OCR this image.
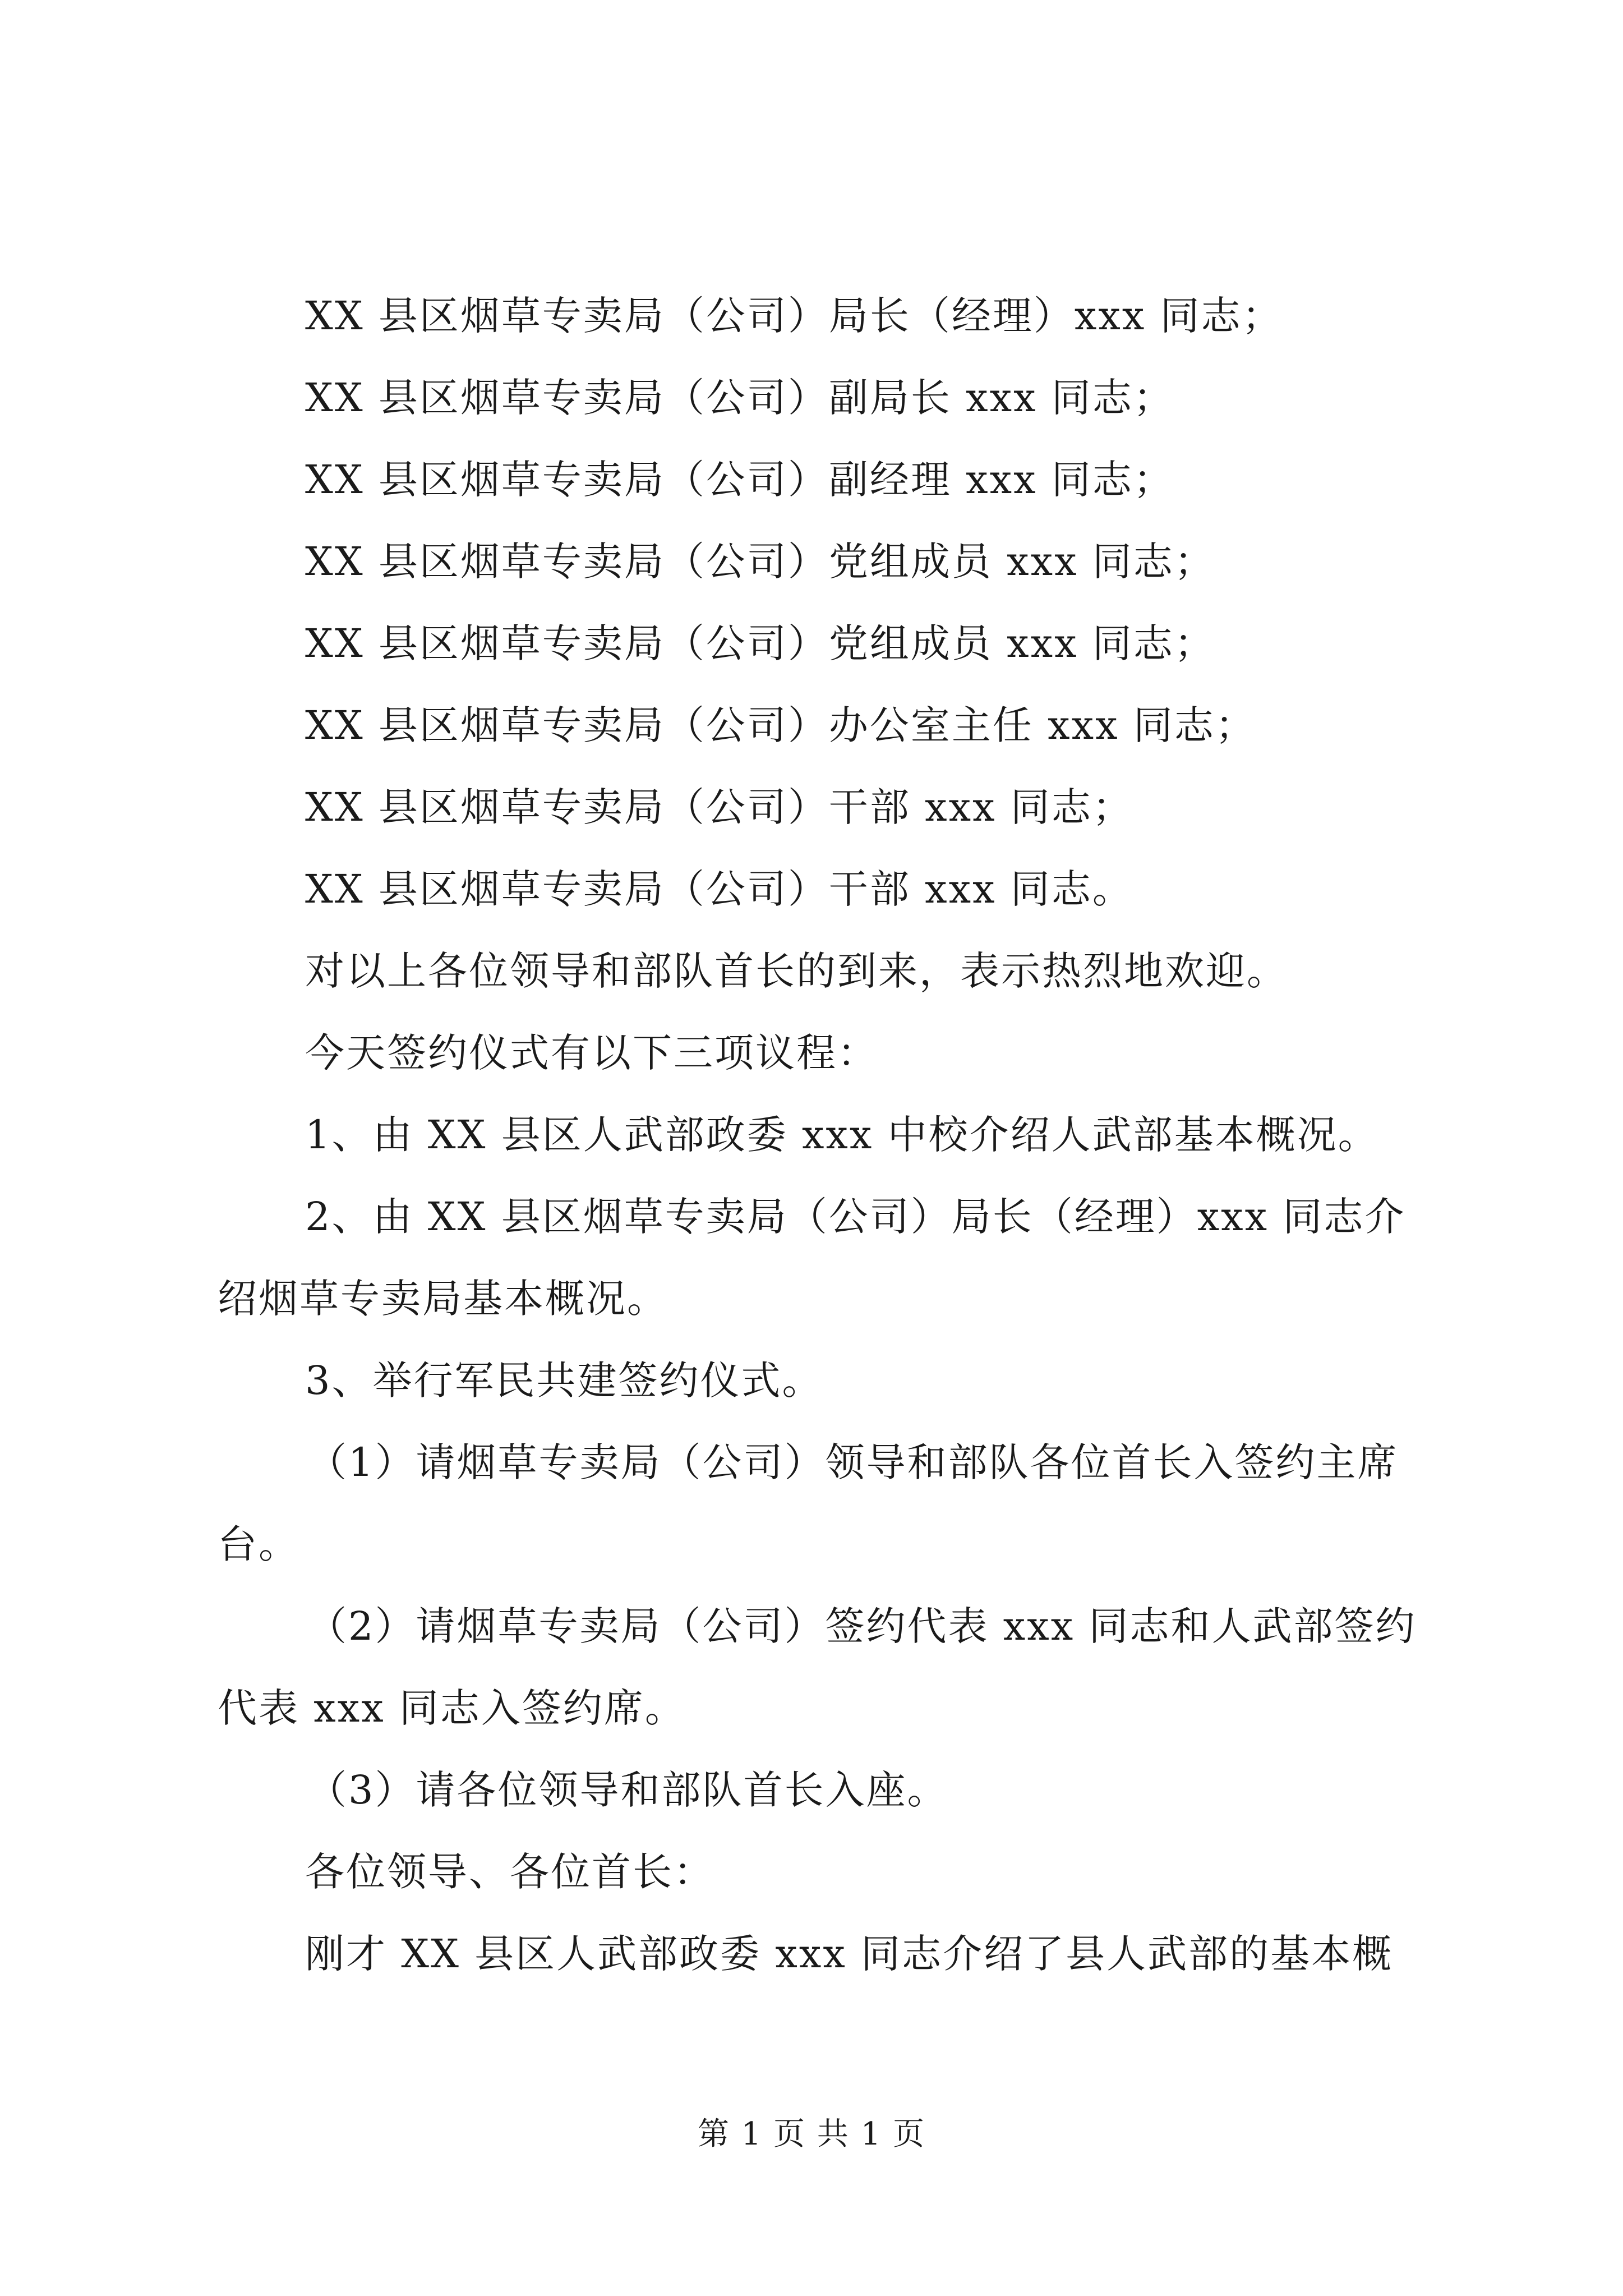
XX 县区烟草专卖局（公司）局长（经理）xxx 同志；

XX 县区烟草专卖局（公司）副局长 xxx 同志；

XX 县区烟草专卖局（公司）副经理 xxx 同志；

XX 县区烟草专卖局（公司）党组成员 xxx 同志；

XX 县区烟草专卖局（公司）党组成员 xxx 同志；

XX 县区烟草专卖局（公司）办公室主任 xxx 同志；

XX 县区烟草专卖局（公司）干部 xxx 同志；

XX 县区烟草专卖局（公司）干部 xxx 同志。

对以上各位领导和部队首长的到来，表示热烈地欢迎。

今天签约仪式有以下三项议程：

1、由 XX 县区人武部政委 xxx 中校介绍人武部基本概况。

2、由 XX 县区烟草专卖局（公司）局长（经理）xxx 同志介绍烟草专卖局基本概况。

3、举行军民共建签约仪式。

（1）请烟草专卖局（公司）领导和部队各位首长入签约主席台。

（2）请烟草专卖局（公司）签约代表 xxx 同志和人武部签约代表 xxx 同志入签约席。

（3）请各位领导和部队首长入座。

各位领导、各位首长：

刚才 XX 县区人武部政委 xxx 同志介绍了县人武部的基本概

第 1 页 共 1 页
